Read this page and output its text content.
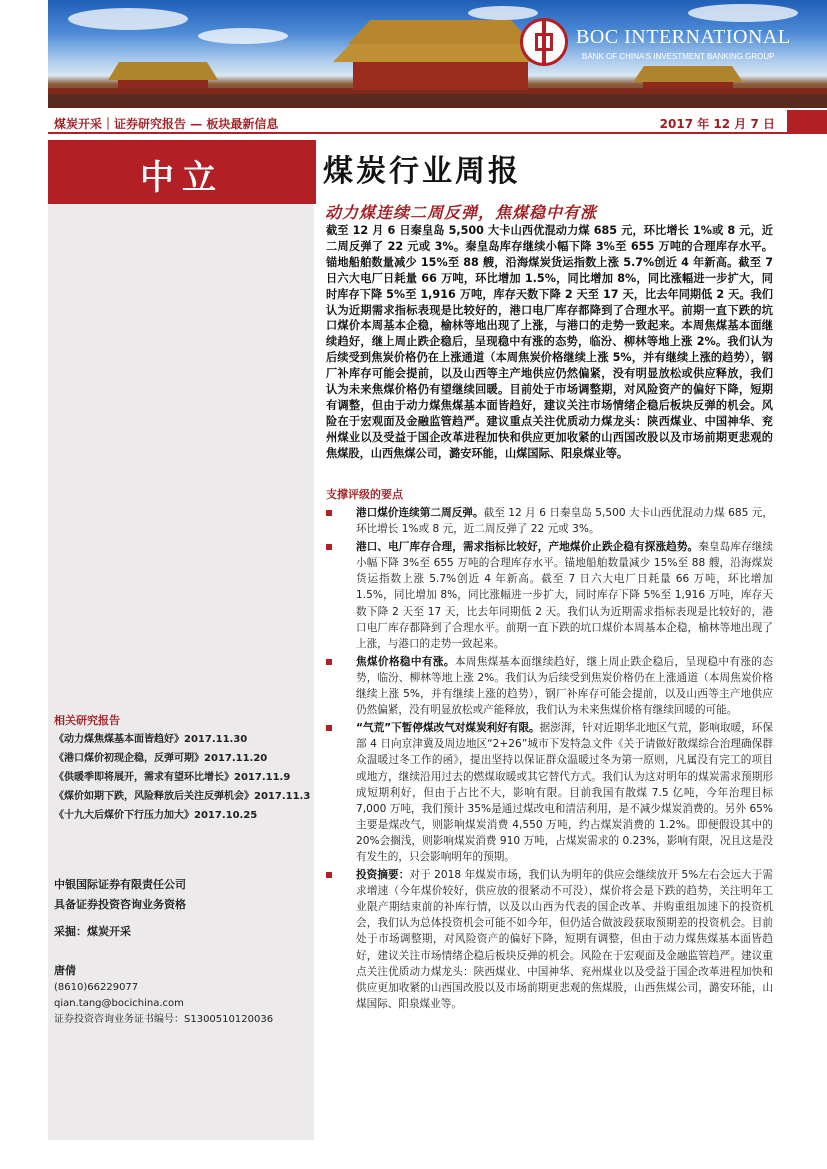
BOC INTERNATIONAL
BANK OF CHINA'S INVESTMENT BANKING GROUP
煤炭开采｜证券研究报告 — 板块最新信息	2017 年 12 月 7 日
中立
相关研究报告
《动力煤焦煤基本面皆趋好》2017.11.30
《港口煤价初现企稳，反弹可期》2017.11.20
《供暖季即将展开，需求有望环比增长》2017.11.9
《煤价如期下跌，风险释放后关注反弹机会》2017.11.3
《十九大后煤价下行压力加大》2017.10.25
中银国际证券有限责任公司
具备证券投资咨询业务资格
采掘：煤炭开采
唐倩
(8610)66229077
qian.tang@bocichina.com
证券投资咨询业务证书编号：S1300510120036
煤炭行业周报
动力煤连续二周反弹，焦煤稳中有涨
截至 12 月 6 日秦皇岛 5,500 大卡山西优混动力煤 685 元，环比增长 1%或 8 元，近二周反弹了 22 元或 3%。秦皇岛库存继续小幅下降 3%至 655 万吨的合理库存水平。锚地船舶数量减少 15%至 88 艘，沿海煤炭货运指数上涨 5.7%创近 4 年新高。截至 7 日六大电厂日耗量 66 万吨，环比增加 1.5%，同比增加 8%，同比涨幅进一步扩大，同时库存下降 5%至 1,916 万吨，库存天数下降 2 天至 17 天，比去年同期低 2 天。我们认为近期需求指标表现是比较好的，港口电厂库存都降到了合理水平。前期一直下跌的坑口煤价本周基本企稳，榆林等地出现了上涨，与港口的走势一致起来。本周焦煤基本面继续趋好，继上周止跌企稳后，呈现稳中有涨的态势，临汾、柳林等地上涨 2%。我们认为后续受到焦炭价格仍在上涨通道（本周焦炭价格继续上涨 5%，并有继续上涨的趋势），钢厂补库存可能会提前，以及山西等主产地供应仍然偏紧，没有明显放松或供应释放，我们认为未来焦煤价格仍有望继续回暖。目前处于市场调整期，对风险资产的偏好下降，短期有调整，但由于动力煤焦煤基本面皆趋好，建议关注市场情绪企稳后板块反弹的机会。风险在于宏观面及金融监管趋严。建议重点关注优质动力煤龙头：陕西煤业、中国神华、兖州煤业以及受益于国企改革进程加快和供应更加收紧的山西国改股以及市场前期更悲观的焦煤股，山西焦煤公司，潞安环能，山煤国际、阳泉煤业等。
支撑评级的要点
港口煤价连续第二周反弹。截至 12 月 6 日秦皇岛 5,500 大卡山西优混动力煤 685 元，环比增长 1%或 8 元，近二周反弹了 22 元或 3%。
港口、电厂库存合理，需求指标比较好，产地煤价止跌企稳有探涨趋势。秦皇岛库存继续小幅下降 3%至 655 万吨的合理库存水平。锚地船舶数量减少 15%至 88 艘，沿海煤炭货运指数上涨 5.7%创近 4 年新高。截至 7 日六大电厂日耗量 66 万吨，环比增加 1.5%，同比增加 8%，同比涨幅进一步扩大，同时库存下降 5%至 1,916 万吨，库存天数下降 2 天至 17 天，比去年同期低 2 天。我们认为近期需求指标表现是比较好的，港口电厂库存都降到了合理水平。前期一直下跌的坑口煤价本周基本企稳，榆林等地出现了上涨，与港口的走势一致起来。
焦煤价格稳中有涨。本周焦煤基本面继续趋好，继上周止跌企稳后，呈现稳中有涨的态势，临汾、柳林等地上涨 2%。我们认为后续受到焦炭价格仍在上涨通道（本周焦炭价格继续上涨 5%，并有继续上涨的趋势），钢厂补库存可能会提前，以及山西等主产地供应仍然偏紧，没有明显放松或产能释放，我们认为未来焦煤价格有继续回暖的可能。
“气荒”下暂停煤改气对煤炭利好有限。据澎湃，针对近期华北地区气荒，影响取暖，环保部 4 日向京津冀及周边地区“2+26”城市下发特急文件《关于请做好散煤综合治理确保群众温暖过冬工作的函》，提出坚持以保证群众温暖过冬为第一原则，凡属没有完工的项目或地方，继续沿用过去的燃煤取暖或其它替代方式。我们认为这对明年的煤炭需求预期形成短期利好，但由于占比不大，影响有限。目前我国有散煤 7.5 亿吨，今年治理目标 7,000 万吨，我们预计 35%是通过煤改电和清洁利用，是不减少煤炭消费的。另外 65%主要是煤改气，则影响煤炭消费 4,550 万吨，约占煤炭消费的 1.2%。即便假设其中的 20%会搁浅，则影响煤炭消费 910 万吨，占煤炭需求的 0.23%，影响有限，况且这是没有发生的，只会影响明年的预期。
投资摘要：对于 2018 年煤炭市场，我们认为明年的供应会继续放开 5%左右会远大于需求增速（今年煤价较好，供应放的很紧动不可没），煤价将会是下跌的趋势，关注明年工业限产期结束前的补库行情，以及以山西为代表的国企改革、并购重组加速下的投资机会，我们认为总体投资机会可能不如今年，但仍适合做波段获取预期差的投资机会。目前处于市场调整期，对风险资产的偏好下降，短期有调整，但由于动力煤焦煤基本面皆趋好，建议关注市场情绪企稳后板块反弹的机会。风险在于宏观面及金融监管趋严。建议重点关注优质动力煤龙头：陕西煤业、中国神华、兖州煤业以及受益于国企改革进程加快和供应更加收紧的山西国改股以及市场前期更悲观的焦煤股，山西焦煤公司，潞安环能，山煤国际、阳泉煤业等。
